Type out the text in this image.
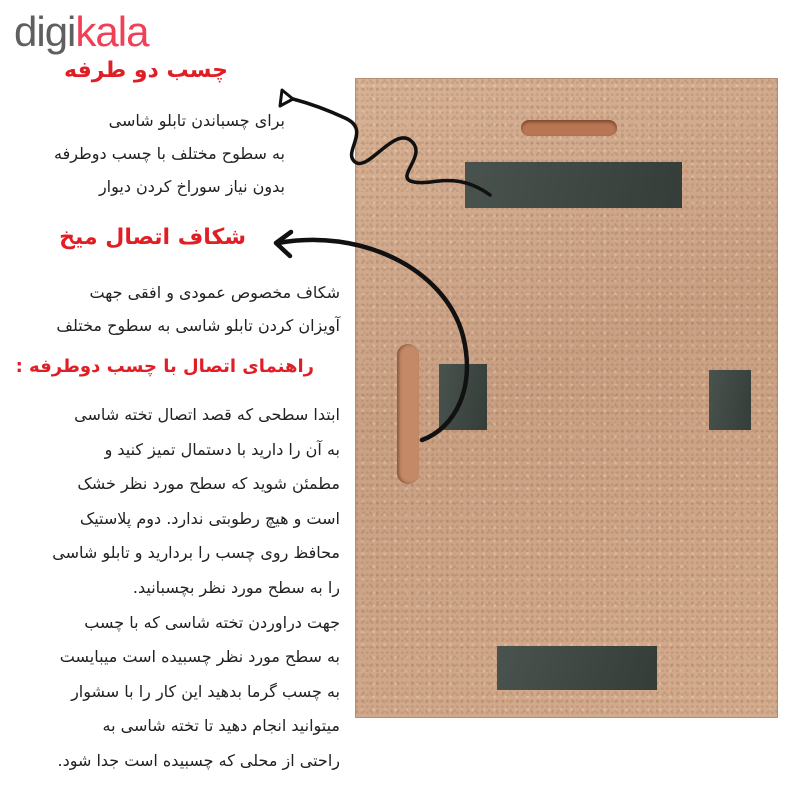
digikala
چسب دو طرفه
برای چسباندن تابلو شاسی
به سطوح مختلف با چسب دوطرفه
بدون نیاز سوراخ کردن دیوار
شکاف اتصال میخ
شکاف مخصوص عمودی و افقی جهت
آویزان کردن تابلو شاسی به سطوح مختلف
راهنمای اتصال با چسب دوطرفه :
ابتدا سطحی که قصد اتصال تخته شاسی
به آن را دارید با دستمال تمیز کنید و
مطمئن شوید که سطح مورد نظر خشک
است و هیچ رطوبتی ندارد. دوم پلاستیک
محافظ روی چسب را بردارید و تابلو شاسی
را به سطح مورد نظر بچسبانید.
جهت دراوردن تخته شاسی که با چسب
به سطح مورد نظر چسبیده است میبایست
به چسب گرما بدهید این کار را با سشوار
میتوانید انجام دهید تا تخته شاسی به
راحتی از محلی که چسبیده است جدا شود.
